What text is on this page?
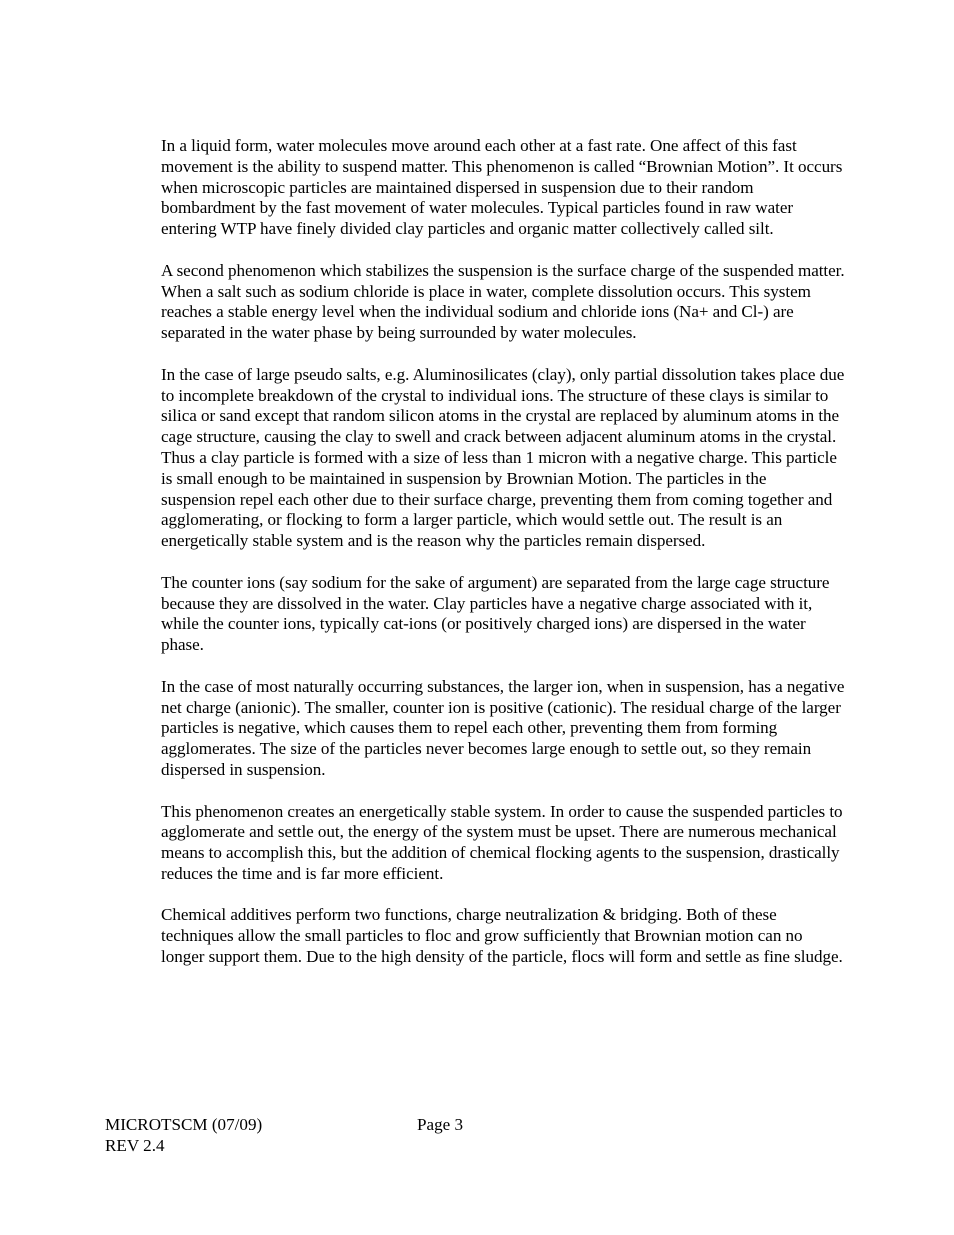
In a liquid form, water molecules move around each other at a fast rate. One affect of this fast movement is the ability to suspend matter. This phenomenon is called “Brownian Motion”. It occurs when microscopic particles are maintained dispersed in suspension due to their random bombardment by the fast movement of water molecules. Typical particles found in raw water entering WTP have finely divided clay particles and organic matter collectively called silt.

A second phenomenon which stabilizes the suspension is the surface charge of the suspended matter. When a salt such as sodium chloride is place in water, complete dissolution occurs. This system reaches a stable energy level when the individual sodium and chloride ions (Na+ and Cl-) are separated in the water phase by being surrounded by water molecules.

In the case of large pseudo salts, e.g. Aluminosilicates (clay), only partial dissolution takes place due to incomplete breakdown of the crystal to individual ions. The structure of these clays is similar to silica or sand except that random silicon atoms in the crystal are replaced by aluminum atoms in the cage structure, causing the clay to swell and crack between adjacent aluminum atoms in the crystal. Thus a clay particle is formed with a size of less than 1 micron with a negative charge. This particle is small enough to be maintained in suspension by Brownian Motion. The particles in the suspension repel each other due to their surface charge, preventing them from coming together and agglomerating, or flocking to form a larger particle, which would settle out. The result is an energetically stable system and is the reason why the particles remain dispersed.

The counter ions (say sodium for the sake of argument) are separated from the large cage structure because they are dissolved in the water. Clay particles have a negative charge associated with it, while the counter ions, typically cat-ions (or positively charged ions) are dispersed in the water phase.

In the case of most naturally occurring substances, the larger ion, when in suspension, has a negative net charge (anionic). The smaller, counter ion is positive (cationic). The residual charge of the larger particles is negative, which causes them to repel each other, preventing them from forming agglomerates. The size of the particles never becomes large enough to settle out, so they remain dispersed in suspension.

This phenomenon creates an energetically stable system. In order to cause the suspended particles to agglomerate and settle out, the energy of the system must be upset. There are numerous mechanical means to accomplish this, but the addition of chemical flocking agents to the suspension, drastically reduces the time and is far more efficient.

Chemical additives perform two functions, charge neutralization & bridging. Both of these techniques allow the small particles to floc and grow sufficiently that Brownian motion can no longer support them. Due to the high density of the particle, flocs will form and settle as fine sludge.

MICROTSCM (07/09)	Page 3
REV 2.4
